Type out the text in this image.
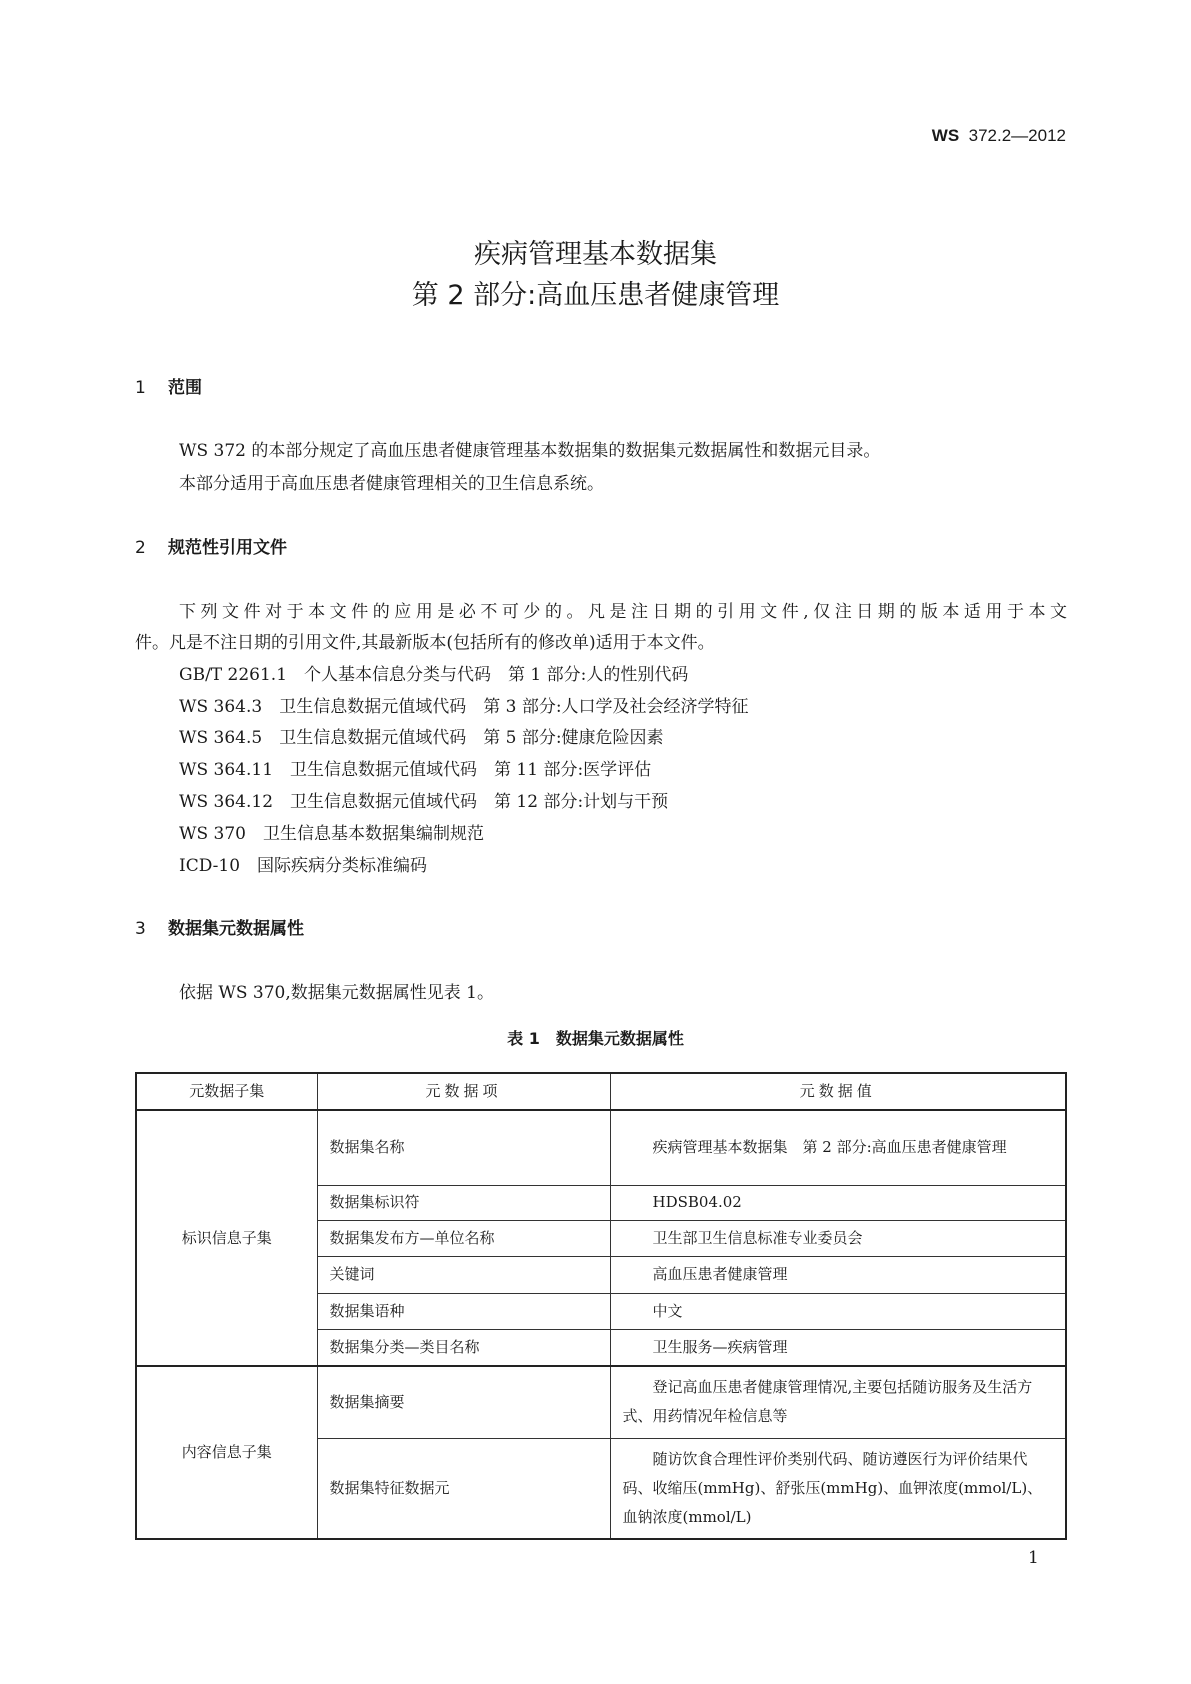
WS 372.2—2012
疾病管理基本数据集
第 2 部分:高血压患者健康管理
1 范围
WS 372 的本部分规定了高血压患者健康管理基本数据集的数据集元数据属性和数据元目录。
本部分适用于高血压患者健康管理相关的卫生信息系统。
2 规范性引用文件
下列文件对于本文件的应用是必不可少的。凡是注日期的引用文件,仅注日期的版本适用于本文
件。凡是不注日期的引用文件,其最新版本(包括所有的修改单)适用于本文件。
GB/T 2261.1　个人基本信息分类与代码　第 1 部分:人的性别代码
WS 364.3　卫生信息数据元值域代码　第 3 部分:人口学及社会经济学特征
WS 364.5　卫生信息数据元值域代码　第 5 部分:健康危险因素
WS 364.11　卫生信息数据元值域代码　第 11 部分:医学评估
WS 364.12　卫生信息数据元值域代码　第 12 部分:计划与干预
WS 370　卫生信息基本数据集编制规范
ICD-10　国际疾病分类标准编码
3 数据集元数据属性
依据 WS 370,数据集元数据属性见表 1。
表 1　数据集元数据属性
元数据子集	元数据项	元数据值
标识信息子集	数据集名称	疾病管理基本数据集　第 2 部分:高血压患者健康管理
	数据集标识符	HDSB04.02
	数据集发布方—单位名称	卫生部卫生信息标准专业委员会
	关键词	高血压患者健康管理
	数据集语种	中文
	数据集分类—类目名称	卫生服务—疾病管理
内容信息子集	数据集摘要	登记高血压患者健康管理情况,主要包括随访服务及生活方式、用药情况年检信息等
	数据集特征数据元	随访饮食合理性评价类别代码、随访遵医行为评价结果代码、收缩压(mmHg)、舒张压(mmHg)、血钾浓度(mmol/L)、血钠浓度(mmol/L)
1
